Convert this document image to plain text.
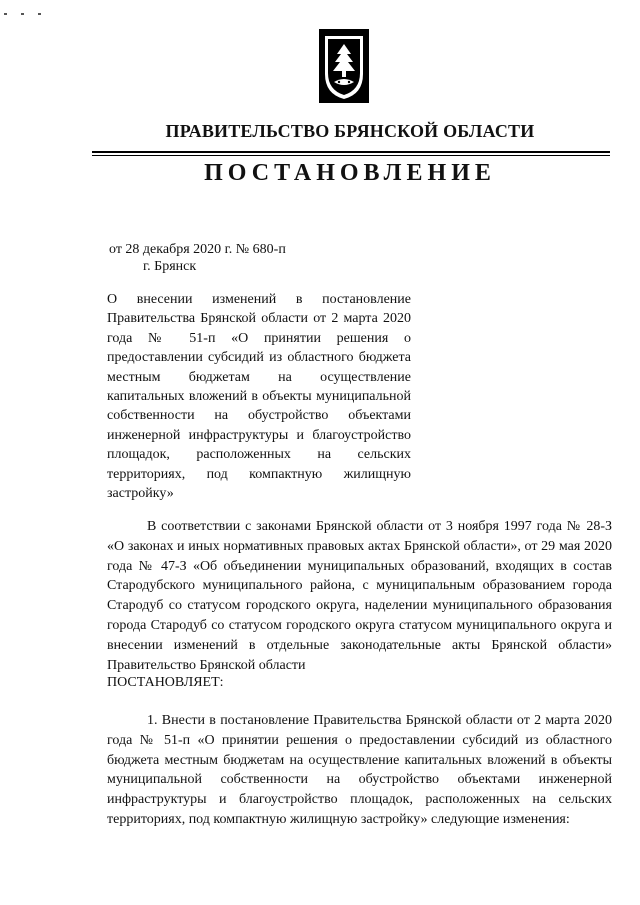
ПРАВИТЕЛЬСТВО БРЯНСКОЙ ОБЛАСТИ
ПОСТАНОВЛЕНИЕ
от 28 декабря 2020 г. № 680-п
г. Брянск
О внесении изменений в постановление Правительства Брянской области от 2 марта 2020 года № 51-п «О принятии решения о предоставлении субсидий из областного бюджета местным бюджетам на осуществление капитальных вложений в объекты муниципальной собственности на обустройство объектами инженерной инфраструктуры и благоустройство площадок, расположенных на сельских территориях, под компактную жилищную застройку»
В соответствии с законами Брянской области от 3 ноября 1997 года № 28-З «О законах и иных нормативных правовых актах Брянской области», от 29 мая 2020 года № 47-З «Об объединении муниципальных образований, входящих в состав Стародубского муниципального района, с муниципальным образованием города Стародуб со статусом городского округа, наделении муниципального образования города Стародуб со статусом городского округа статусом муниципального округа и внесении изменений в отдельные законодательные акты Брянской области» Правительство Брянской области
ПОСТАНОВЛЯЕТ:
1. Внести в постановление Правительства Брянской области от 2 марта 2020 года № 51-п «О принятии решения о предоставлении субсидий из областного бюджета местным бюджетам на осуществление капитальных вложений в объекты муниципальной собственности на обустройство объектами инженерной инфраструктуры и благоустройство площадок, расположенных на сельских территориях, под компактную жилищную застройку» следующие изменения:
